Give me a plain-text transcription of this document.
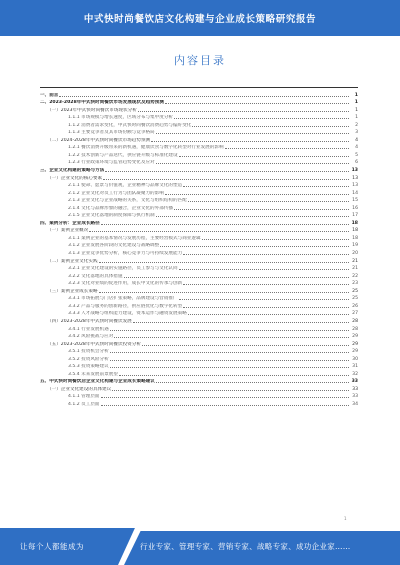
中式快时尚餐饮店文化构建与企业成长策略研究报告
内容目录
一、前言	1
二、2023-2028年中式快时尚餐饮市场发展现状及趋势预测	1
（一）2023年中式快时尚餐饮市场现状分析	1
1.1.1 市场规模与增长速度，区域分布与集中度分析	1
1.1.2 消费者需求变化，中式快时尚餐饮消费趋势与偏好变化	2
1.1.3 主要竞争者及其市场份额与竞争格局	3
（二）2024-2028年中式快时尚餐饮市场趋势预测	4
1.2.1 餐饮消费升级带来的新机遇，健康饮食与数字化转型对行业发展的影响	4
1.2.2 技术创新与产品迭代，供应链升级与标准化建设	5
1.2.3 行业政策环境与监管趋势变化及应对	6
三、企业文化构建的策略与方法	13
（一）企业文化的核心要素	13
2.1.1 使命、愿景与价值观，企业精神与品牌文化的塑造	13
2.1.2 企业文化对员工行为与团队凝聚力的影响	14
2.1.3 企业文化与企业战略的关系，文化与组织结构的匹配	15
2.1.4 文化与品牌形象的融合，企业文化的外部传播	16
2.1.5 企业文化落地的制度保障与执行机制	17
四、案例分析：企业成长路径	18
（一）案例企业概况	18
3.1.1 案例企业的基本情况与发展历程，主要经营模式与商业逻辑	18
3.1.2 企业发展各阶段的文化建设与战略调整	19
3.1.3 企业竞争优势分析，核心竞争力与可持续发展能力	20
（二）案例企业文化实践	21
3.2.1 企业文化建设的实施路径，员工参与与文化认同	21
3.2.2 文化落地的具体措施	22
3.2.3 文化对业绩的促进作用，成长中文化的传承与创新	23
（三）案例企业成长策略	25
3.3.1 市场拓展与门店扩张策略，品牌建设与营销推广	25
3.3.2 产品与服务的创新路径，供应链优化与数字化转型	26
3.3.3 人才战略与组织能力建设，资本运作与融资发展策略	27
（四）2023-2028年中式快时尚餐饮发展	28
3.4.1 行业发展机遇	28
3.4.2 风险挑战与应对	29
（五）2023-2028年中式快时尚餐饮投资分析	29
3.5.1 投资机会分析	29
3.5.2 投资风险分析	30
3.5.3 投资策略建议	31
3.5.4 未来发展前景展望	32
五、中式快时尚餐饮店企业文化构建与企业成长策略建议	33
（一）企业文化建设的具体建议	33
4.1.1 管理层面	33
4.1.2 员工层面	34
1
让每个人都能成为	行业专家、管理专家、营销专家、战略专家、成功企业家……
